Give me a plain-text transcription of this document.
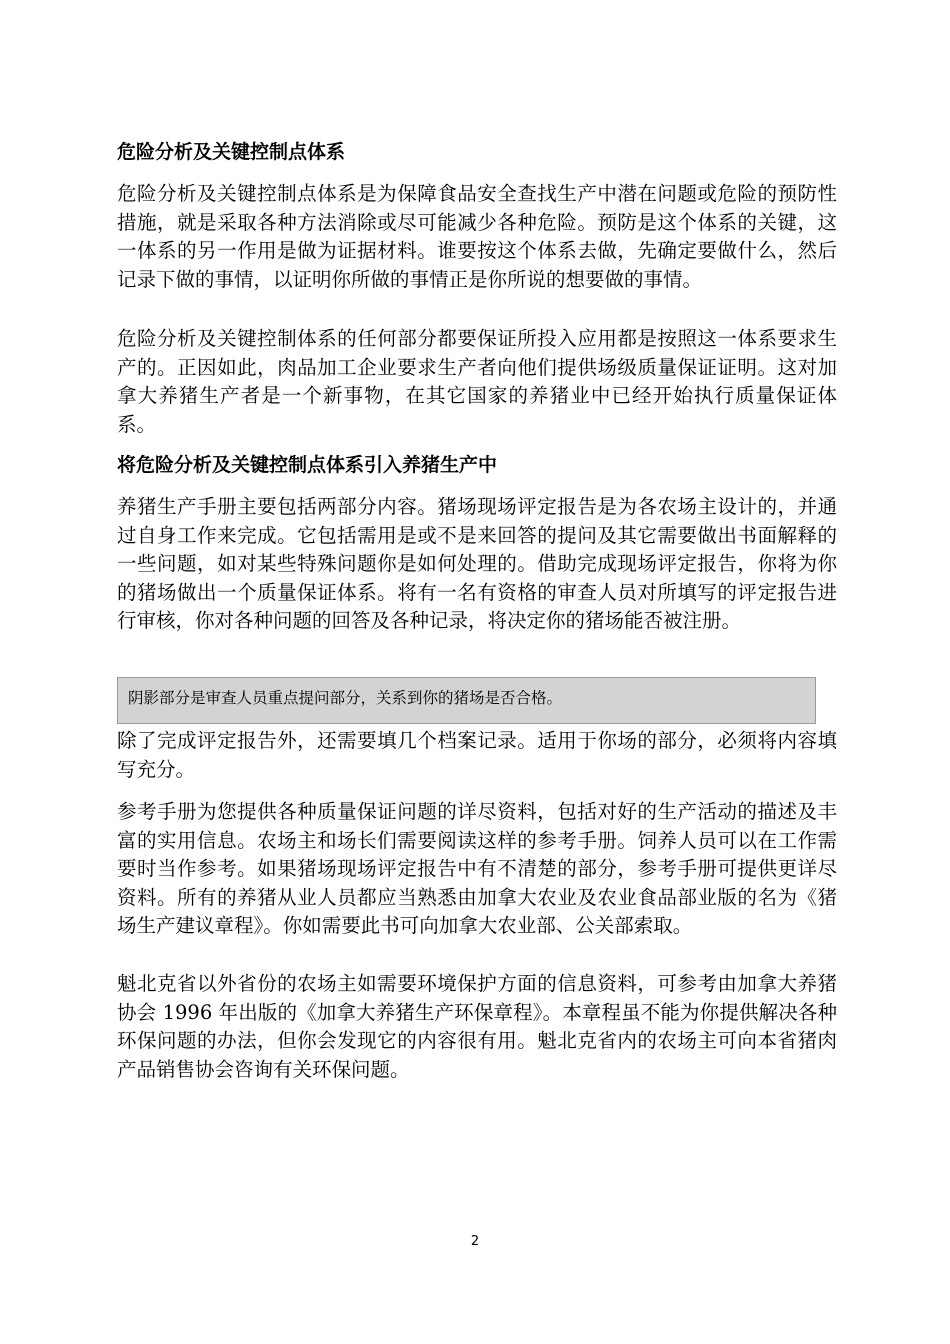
危险分析及关键控制点体系

危险分析及关键控制点体系是为保障食品安全查找生产中潜在问题或危险的预防性措施，就是采取各种方法消除或尽可能减少各种危险。预防是这个体系的关键，这一体系的另一作用是做为证据材料。谁要按这个体系去做，先确定要做什么，然后记录下做的事情，以证明你所做的事情正是你所说的想要做的事情。

危险分析及关键控制体系的任何部分都要保证所投入应用都是按照这一体系要求生产的。正因如此，肉品加工企业要求生产者向他们提供场级质量保证证明。这对加拿大养猪生产者是一个新事物，在其它国家的养猪业中已经开始执行质量保证体系。

将危险分析及关键控制点体系引入养猪生产中

养猪生产手册主要包括两部分内容。猪场现场评定报告是为各农场主设计的，并通过自身工作来完成。它包括需用是或不是来回答的提问及其它需要做出书面解释的一些问题，如对某些特殊问题你是如何处理的。借助完成现场评定报告，你将为你的猪场做出一个质量保证体系。将有一名有资格的审查人员对所填写的评定报告进行审核，你对各种问题的回答及各种记录，将决定你的猪场能否被注册。

阴影部分是审查人员重点提问部分，关系到你的猪场是否合格。

除了完成评定报告外，还需要填几个档案记录。适用于你场的部分，必须将内容填写充分。

参考手册为您提供各种质量保证问题的详尽资料，包括对好的生产活动的描述及丰富的实用信息。农场主和场长们需要阅读这样的参考手册。饲养人员可以在工作需要时当作参考。如果猪场现场评定报告中有不清楚的部分，参考手册可提供更详尽资料。所有的养猪从业人员都应当熟悉由加拿大农业及农业食品部业版的名为《猪场生产建议章程》。你如需要此书可向加拿大农业部、公关部索取。

魁北克省以外省份的农场主如需要环境保护方面的信息资料，可参考由加拿大养猪协会 1996 年出版的《加拿大养猪生产环保章程》。本章程虽不能为你提供解决各种环保问题的办法，但你会发现它的内容很有用。魁北克省内的农场主可向本省猪肉产品销售协会咨询有关环保问题。

2
